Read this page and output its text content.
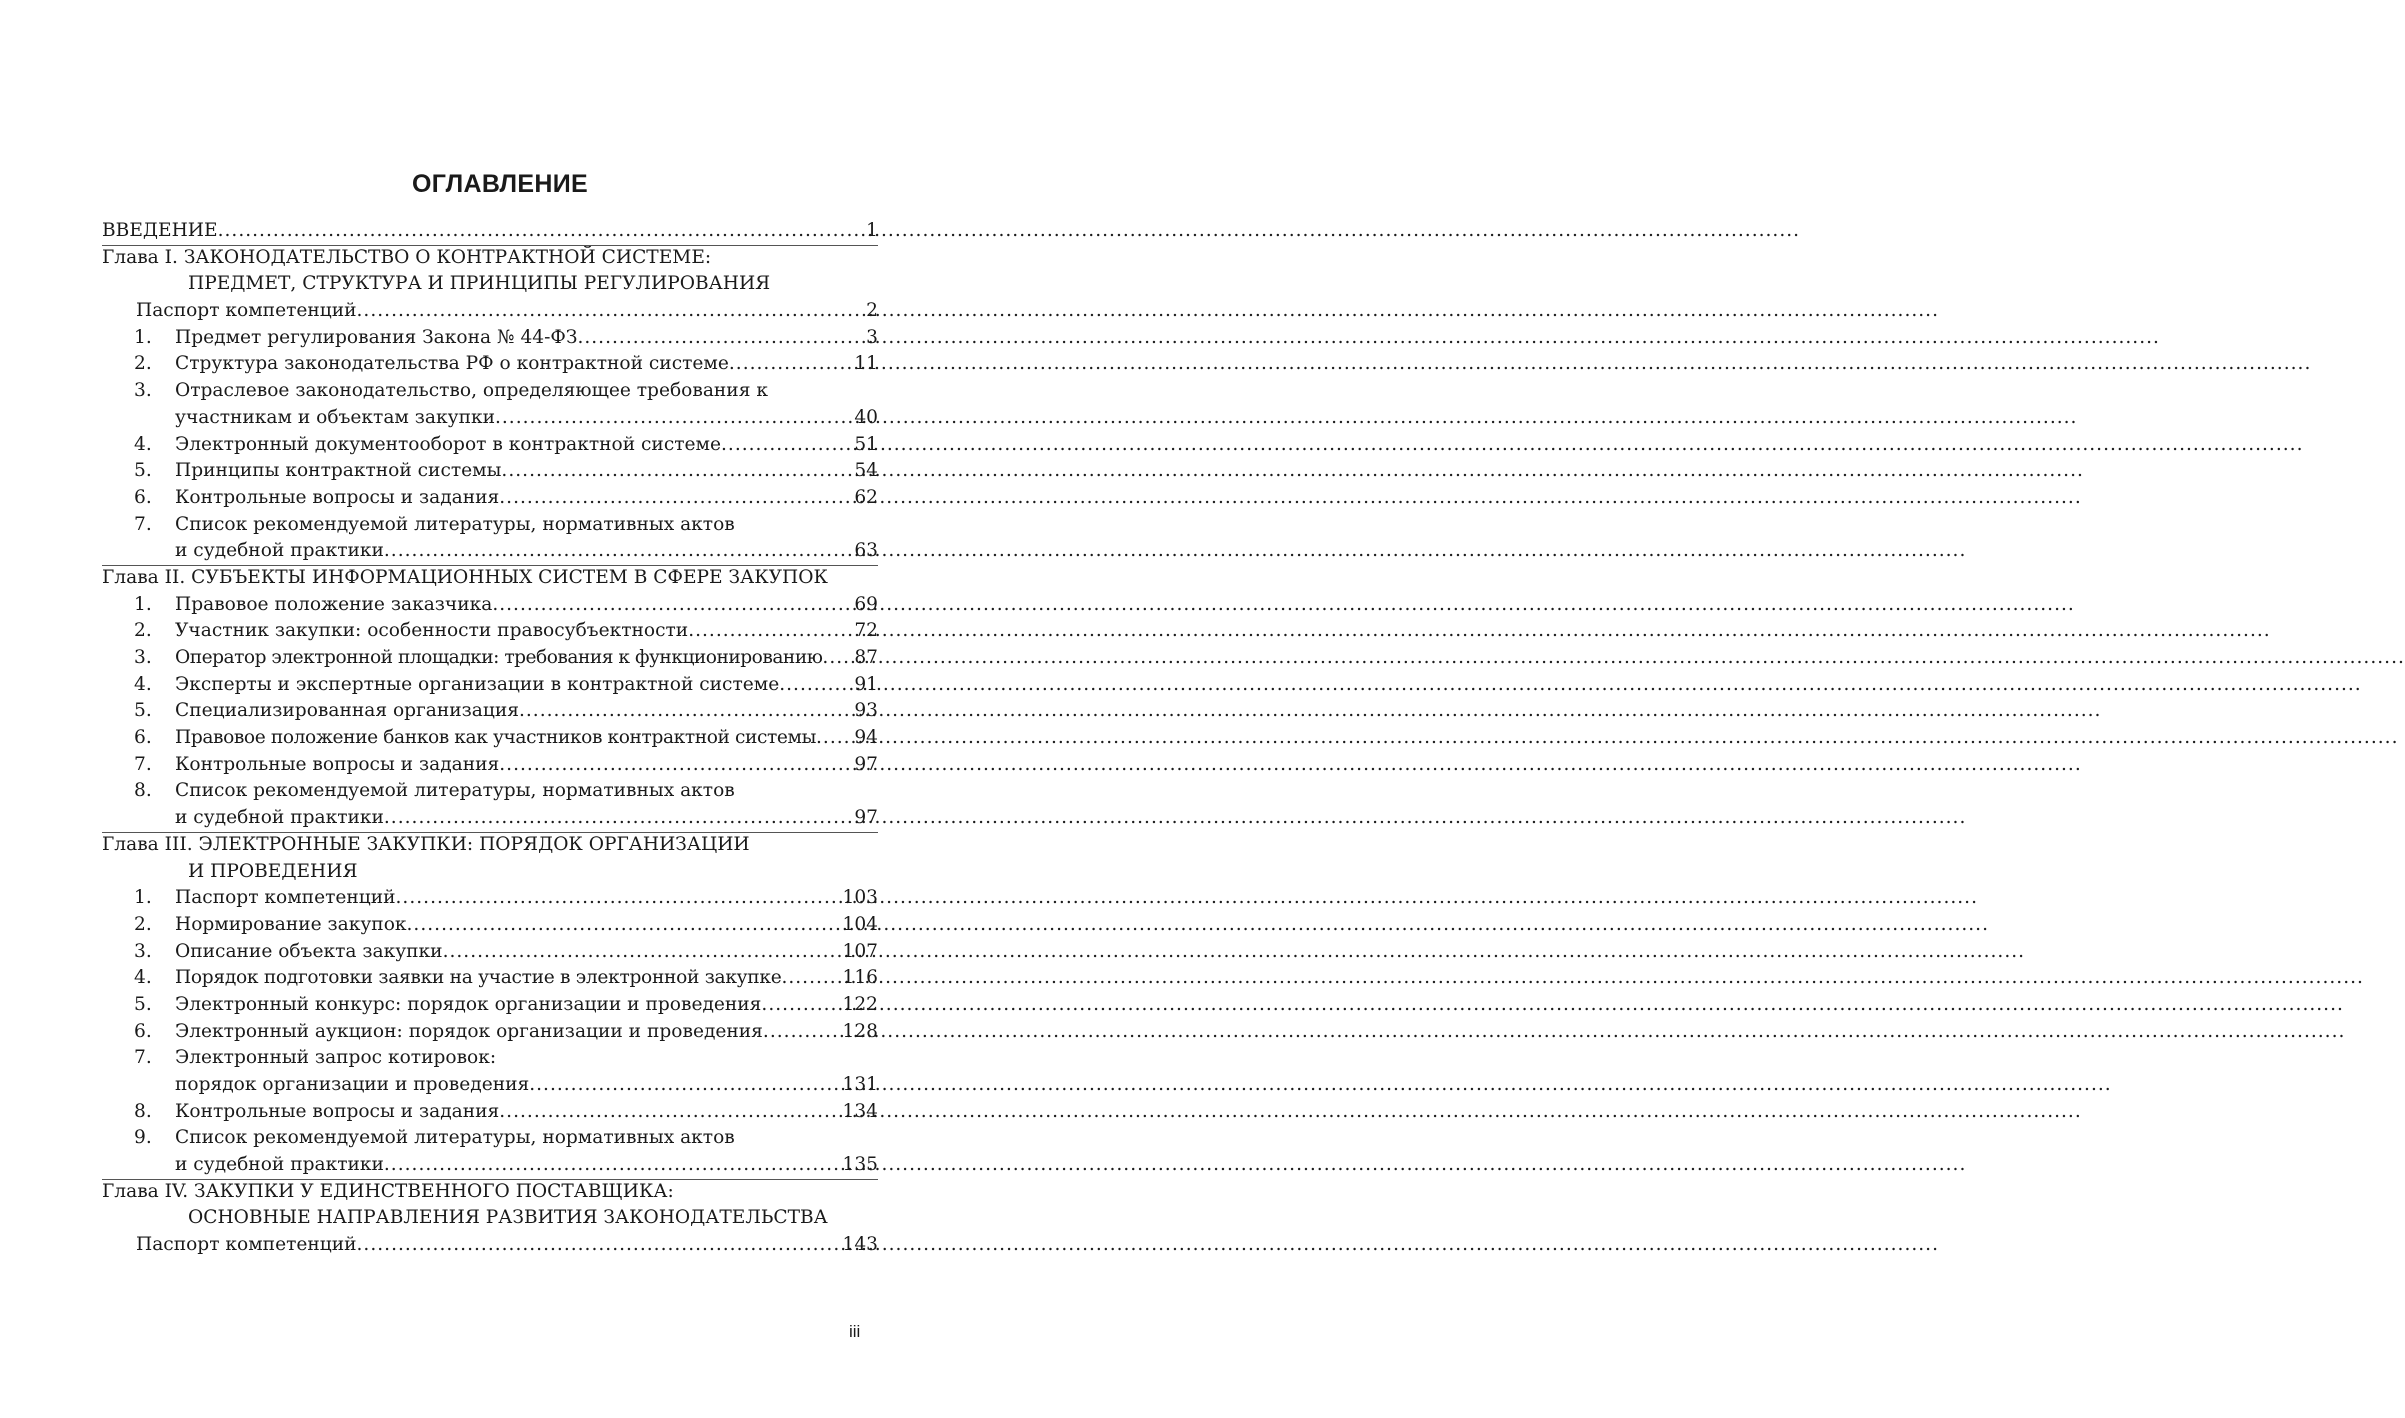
ОГЛАВЛЕНИЕ
ВВЕДЕНИЕ .....	1
Глава I. ЗАКОНОДАТЕЛЬСТВО О КОНТРАКТНОЙ СИСТЕМЕ:
ПРЕДМЕТ, СТРУКТУРА И ПРИНЦИПЫ РЕГУЛИРОВАНИЯ
Паспорт компетенций .....	2
1.	Предмет регулирования Закона № 44-ФЗ .....	3
2.	Структура законодательства РФ о контрактной системе .....	11
3.	Отраслевое законодательство, определяющее требования к
участникам и объектам закупки .....	40
4.	Электронный документооборот в контрактной системе .....	51
5.	Принципы контрактной системы .....	54
6.	Контрольные вопросы и задания .....	62
7.	Список рекомендуемой литературы, нормативных актов
и судебной практики .....	63
Глава II. СУБЪЕКТЫ ИНФОРМАЦИОННЫХ СИСТЕМ В СФЕРЕ ЗАКУПОК
1.	Правовое положение заказчика .....	69
2.	Участник закупки: особенности правосубъектности .....	72
3.	Оператор электронной площадки: требования к функционированию ..... 87
4.	Эксперты и экспертные организации в контрактной системе .....	91
5.	Специализированная организация .....	93
6.	Правовое положение банков как участников контрактной системы ..... 94
7.	Контрольные вопросы и задания .....	97
8.	Список рекомендуемой литературы, нормативных актов
и судебной практики .....	97
Глава III. ЭЛЕКТРОННЫЕ ЗАКУПКИ: ПОРЯДОК ОРГАНИЗАЦИИ
И ПРОВЕДЕНИЯ
1.	Паспорт компетенций .....	103
2.	Нормирование закупок .....	104
3.	Описание объекта закупки .....	107
4.	Порядок подготовки заявки на участие в электронной закупке .....	116
5.	Электронный конкурс: порядок организации и проведения .....	122
6.	Электронный аукцион: порядок организации и проведения .....	128
7.	Электронный запрос котировок:
порядок организации и проведения .....	131
8.	Контрольные вопросы и задания .....	134
9.	Список рекомендуемой литературы, нормативных актов
и судебной практики .....	135
Глава IV. ЗАКУПКИ У ЕДИНСТВЕННОГО ПОСТАВЩИКА:
ОСНОВНЫЕ НАПРАВЛЕНИЯ РАЗВИТИЯ ЗАКОНОДАТЕЛЬСТВА
Паспорт компетенций .....	143
iii
